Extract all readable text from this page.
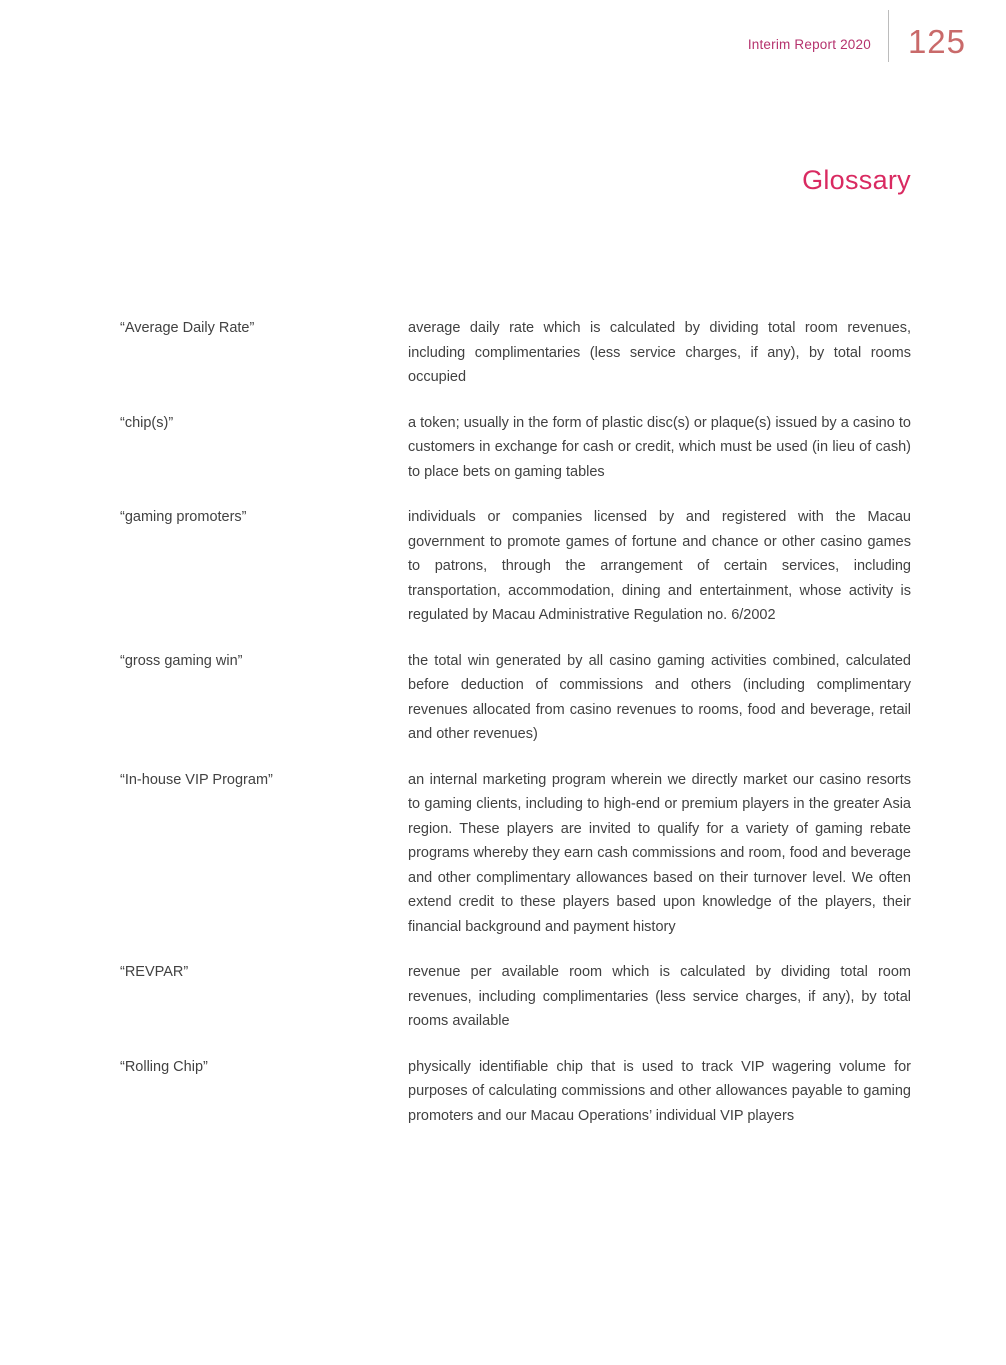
Interim Report 2020 125
Glossary
“Average Daily Rate”	average daily rate which is calculated by dividing total room revenues, including complimentaries (less service charges, if any), by total rooms occupied
“chip(s)”	a token; usually in the form of plastic disc(s) or plaque(s) issued by a casino to customers in exchange for cash or credit, which must be used (in lieu of cash) to place bets on gaming tables
“gaming promoters”	individuals or companies licensed by and registered with the Macau government to promote games of fortune and chance or other casino games to patrons, through the arrangement of certain services, including transportation, accommodation, dining and entertainment, whose activity is regulated by Macau Administrative Regulation no. 6/2002
“gross gaming win”	the total win generated by all casino gaming activities combined, calculated before deduction of commissions and others (including complimentary revenues allocated from casino revenues to rooms, food and beverage, retail and other revenues)
“In-house VIP Program”	an internal marketing program wherein we directly market our casino resorts to gaming clients, including to high-end or premium players in the greater Asia region. These players are invited to qualify for a variety of gaming rebate programs whereby they earn cash commissions and room, food and beverage and other complimentary allowances based on their turnover level. We often extend credit to these players based upon knowledge of the players, their financial background and payment history
“REVPAR”	revenue per available room which is calculated by dividing total room revenues, including complimentaries (less service charges, if any), by total rooms available
“Rolling Chip”	physically identifiable chip that is used to track VIP wagering volume for purposes of calculating commissions and other allowances payable to gaming promoters and our Macau Operations’ individual VIP players
